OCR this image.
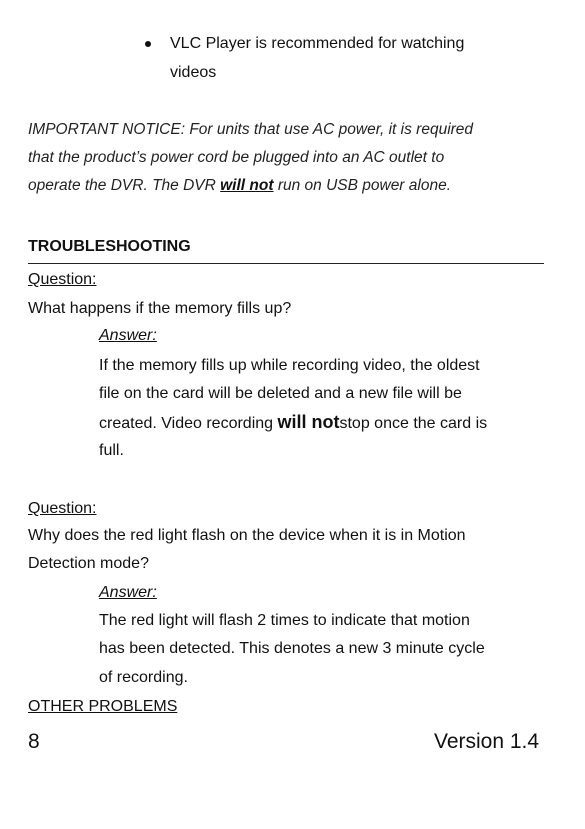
VLC Player is recommended for watching
videos
IMPORTANT NOTICE: For units that use AC power, it is required
that the product’s power cord be plugged into an AC outlet to
operate the DVR. The DVR will not run on USB power alone.
TROUBLESHOOTING
Question:
What happens if the memory fills up?
Answer:
If the memory fills up while recording video, the oldest
file on the card will be deleted and a new file will be
created. Video recording will notstop once the card is
full.
Question:
Why does the red light flash on the device when it is in Motion
Detection mode?
Answer:
The red light will flash 2 times to indicate that motion
has been detected. This denotes a new 3 minute cycle
of recording.
OTHER PROBLEMS
8	Version 1.4
